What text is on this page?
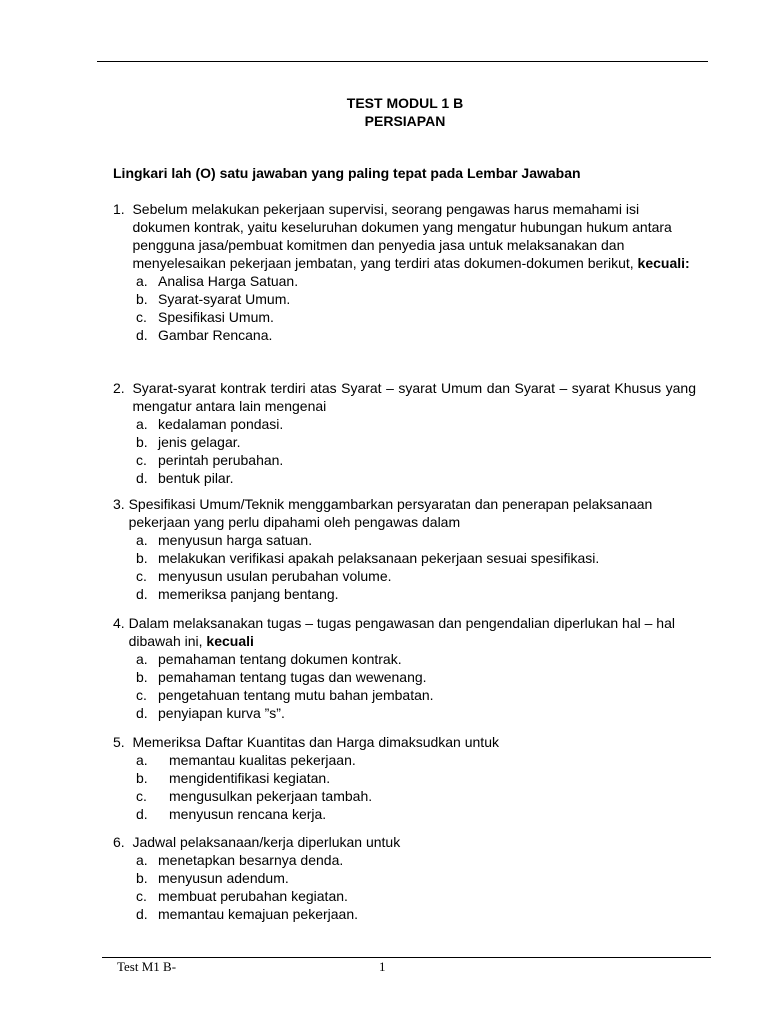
TEST MODUL 1 B
PERSIAPAN
Lingkari lah (O) satu jawaban yang paling tepat pada Lembar Jawaban
1. Sebelum melakukan pekerjaan supervisi, seorang pengawas harus memahami isi dokumen kontrak, yaitu keseluruhan dokumen yang mengatur hubungan hukum antara pengguna jasa/pembuat komitmen dan penyedia jasa untuk melaksanakan dan menyelesaikan pekerjaan jembatan, yang terdiri atas dokumen-dokumen berikut, kecuali:
a. Analisa Harga Satuan.
b. Syarat-syarat Umum.
c. Spesifikasi Umum.
d. Gambar Rencana.
2. Syarat-syarat kontrak terdiri atas Syarat – syarat Umum dan Syarat – syarat Khusus yang mengatur antara lain mengenai
a. kedalaman pondasi.
b. jenis gelagar.
c. perintah perubahan.
d. bentuk pilar.
3. Spesifikasi Umum/Teknik menggambarkan persyaratan dan penerapan pelaksanaan pekerjaan yang perlu dipahami oleh pengawas dalam
a. menyusun harga satuan.
b. melakukan verifikasi apakah pelaksanaan pekerjaan sesuai spesifikasi.
c. menyusun usulan perubahan volume.
d. memeriksa panjang bentang.
4. Dalam melaksanakan tugas – tugas pengawasan dan pengendalian diperlukan hal – hal dibawah ini, kecuali
a. pemahaman tentang dokumen kontrak.
b. pemahaman tentang tugas dan wewenang.
c. pengetahuan tentang mutu bahan jembatan.
d. penyiapan kurva ”s”.
5. Memeriksa Daftar Kuantitas dan Harga dimaksudkan untuk
a.	memantau kualitas pekerjaan.
b.	mengidentifikasi kegiatan.
c.	mengusulkan pekerjaan tambah.
d.	menyusun rencana kerja.
6. Jadwal pelaksanaan/kerja diperlukan untuk
a. menetapkan besarnya denda.
b. menyusun adendum.
c. membuat perubahan kegiatan.
d. memantau kemajuan pekerjaan.
Test M1 B-	1
